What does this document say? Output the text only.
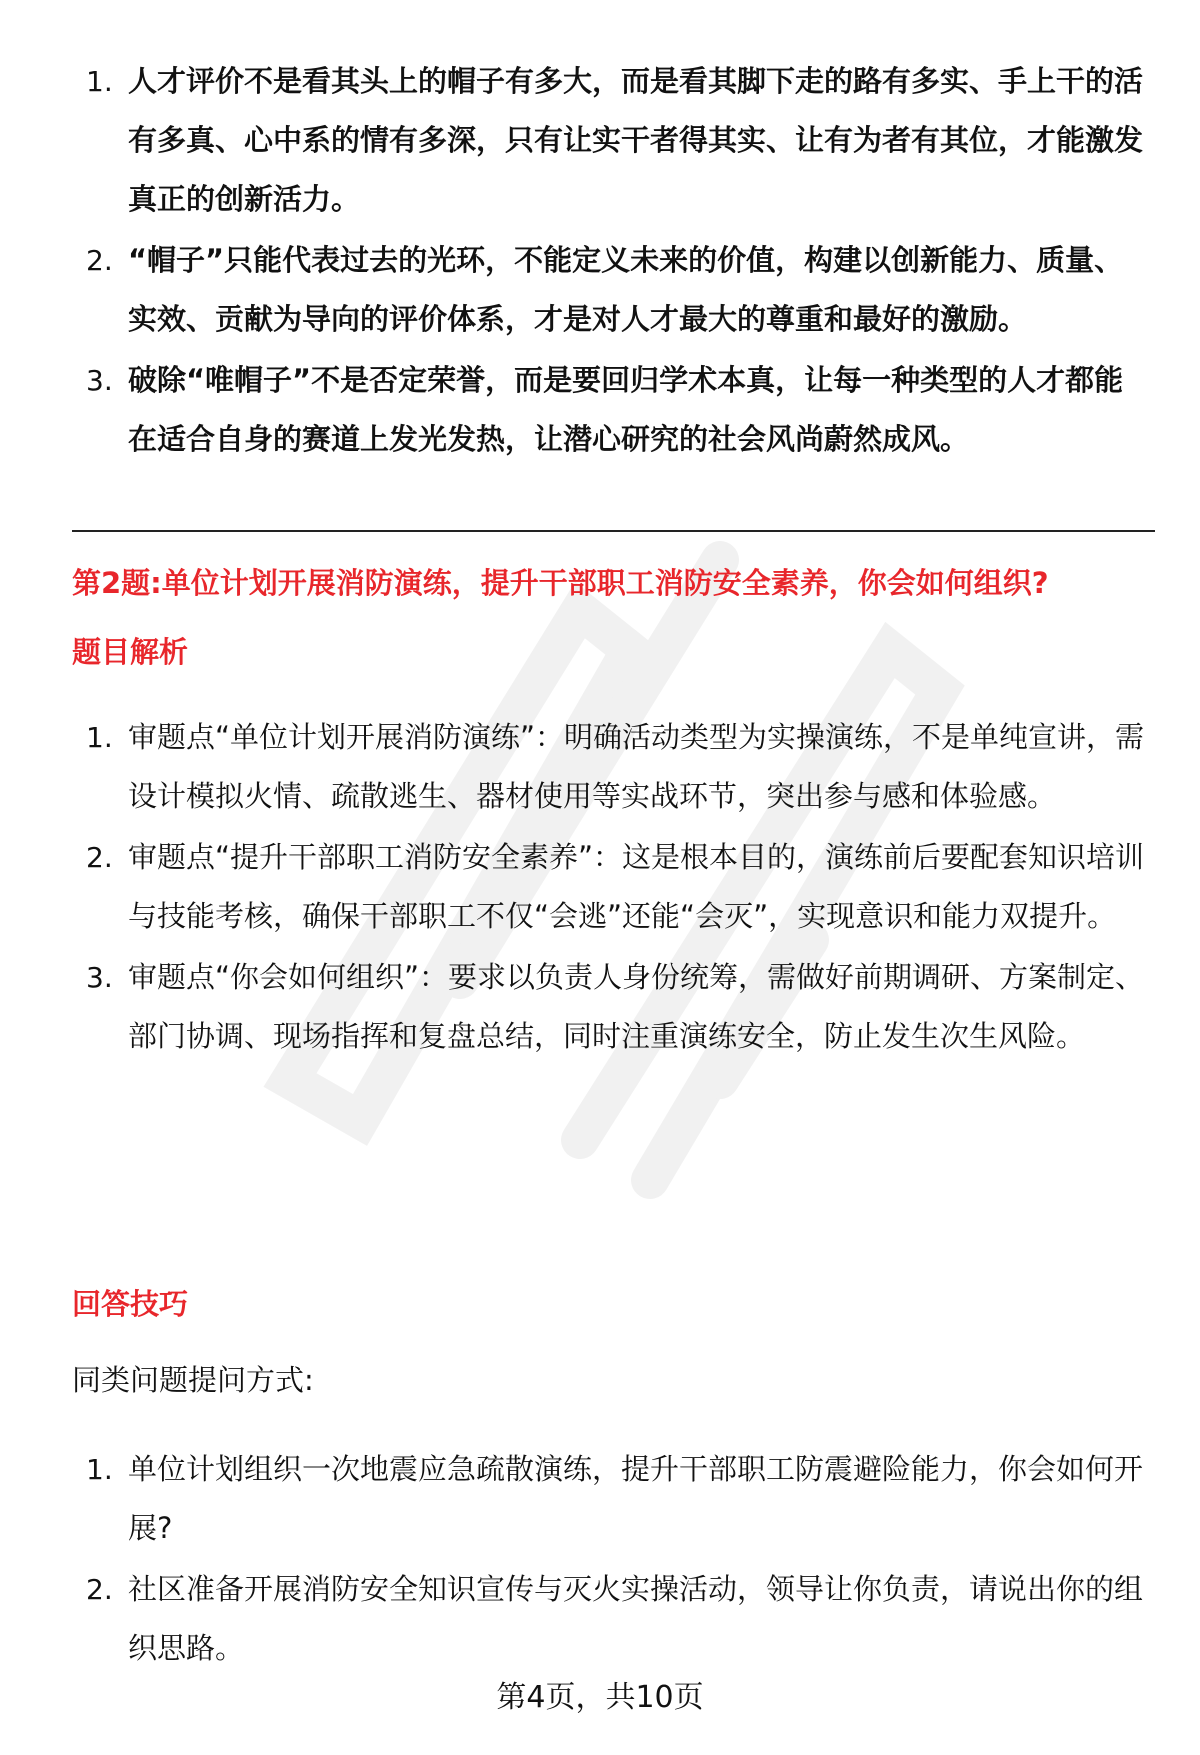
1. 人才评价不是看其头上的帽子有多大，而是看其脚下走的路有多实、手上干的活有多真、心中系的情有多深，只有让实干者得其实、让有为者有其位，才能激发真正的创新活力。
2. “帽子”只能代表过去的光环，不能定义未来的价值，构建以创新能力、质量、实效、贡献为导向的评价体系，才是对人才最大的尊重和最好的激励。
3. 破除“唯帽子”不是否定荣誉，而是要回归学术本真，让每一种类型的人才都能在适合自身的赛道上发光发热，让潜心研究的社会风尚蔚然成风。
第2题:单位计划开展消防演练，提升干部职工消防安全素养，你会如何组织?
题目解析
1. 审题点“单位计划开展消防演练”：明确活动类型为实操演练，不是单纯宣讲，需设计模拟火情、疏散逃生、器材使用等实战环节，突出参与感和体验感。
2. 审题点“提升干部职工消防安全素养”：这是根本目的，演练前后要配套知识培训与技能考核，确保干部职工不仅“会逃”还能“会灭”，实现意识和能力双提升。
3. 审题点“你会如何组织”：要求以负责人身份统筹，需做好前期调研、方案制定、部门协调、现场指挥和复盘总结，同时注重演练安全，防止发生次生风险。
回答技巧

同类问题提问方式:

1. 单位计划组织一次地震应急疏散演练，提升干部职工防震避险能力，你会如何开展?
2. 社区准备开展消防安全知识宣传与灭火实操活动，领导让你负责，请说出你的组织思路。
第4页，共10页
